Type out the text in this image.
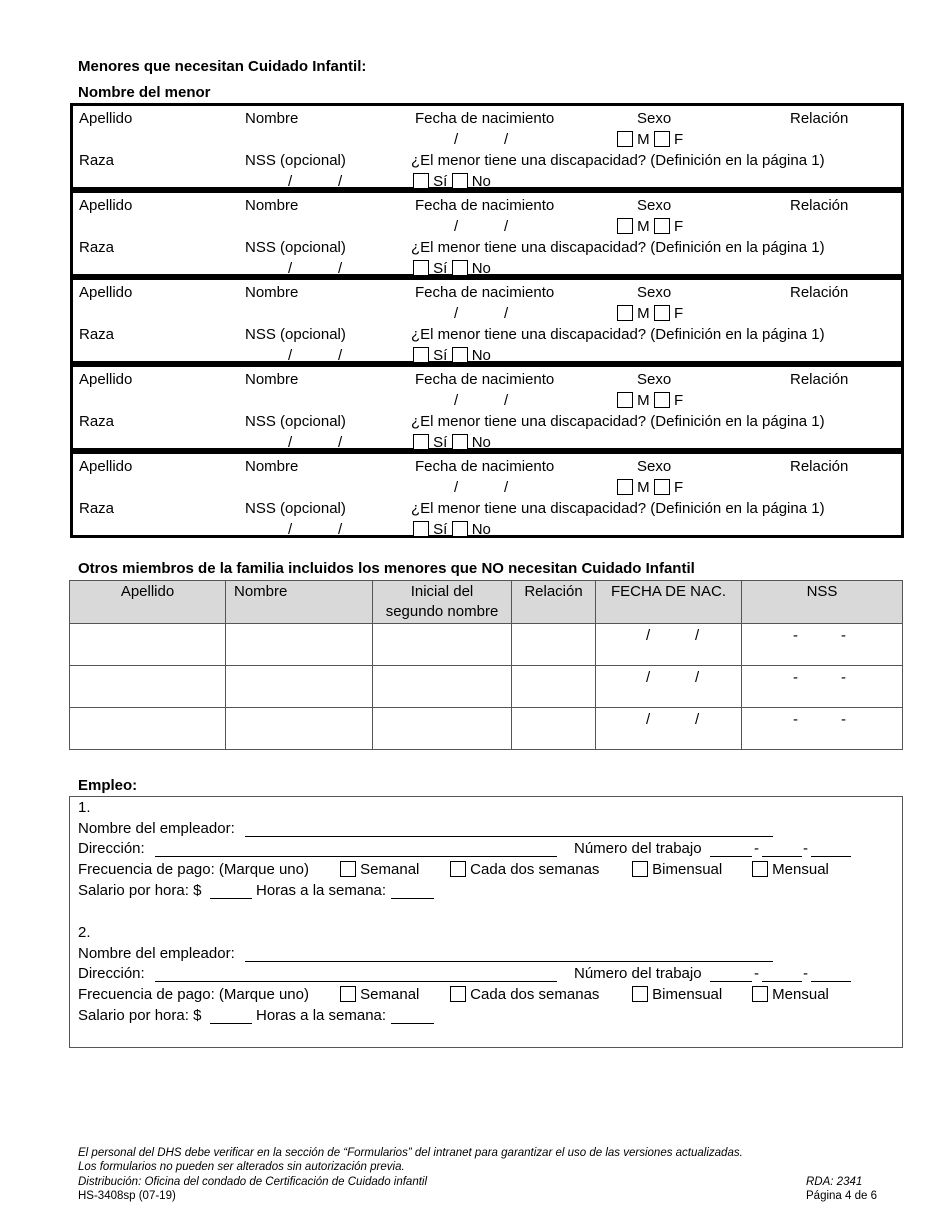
Menores que necesitan Cuidado Infantil:
Nombre del menor
Apellido	Nombre	Fecha de nacimiento	Sexo	Relación
/	/	M F
Raza	NSS (opcional)	¿El menor tiene una discapacidad? (Definición en la página 1)
/	/	Sí No
Apellido	Nombre	Fecha de nacimiento	Sexo	Relación
/	/	M F
Raza	NSS (opcional)	¿El menor tiene una discapacidad? (Definición en la página 1)
/	/	Sí No
Apellido	Nombre	Fecha de nacimiento	Sexo	Relación
/	/	M F
Raza	NSS (opcional)	¿El menor tiene una discapacidad? (Definición en la página 1)
/	/	Sí No
Apellido	Nombre	Fecha de nacimiento	Sexo	Relación
/	/	M F
Raza	NSS (opcional)	¿El menor tiene una discapacidad? (Definición en la página 1)
/	/	Sí No
Apellido	Nombre	Fecha de nacimiento	Sexo	Relación
/	/	M F
Raza	NSS (opcional)	¿El menor tiene una discapacidad? (Definición en la página 1)
/	/	Sí No
Otros miembros de la familia incluidos los menores que NO necesitan Cuidado Infantil
Apellido	Nombre	Inicial del
segundo nombre	Relación	FECHA DE NAC.	NSS

				/ /	- -

				/ /	- -

				/ /	- -
Empleo:
1.
Nombre del empleador:
Dirección:	Número del trabajo	-	-
Frecuencia de pago: (Marque uno)	Semanal	Cada dos semanas	Bimensual	Mensual
Salario por hora: $	Horas a la semana:
2.
Nombre del empleador:
Dirección:	Número del trabajo	-	-
Frecuencia de pago: (Marque uno)	Semanal	Cada dos semanas	Bimensual	Mensual
Salario por hora: $	Horas a la semana:
El personal del DHS debe verificar en la sección de “Formularios” del intranet para garantizar el uso de las versiones actualizadas.
Los formularios no pueden ser alterados sin autorización previa.
Distribución: Oficina del condado de Certificación de Cuidado infantil
HS-3408sp (07-19)
RDA: 2341
Página 4 de 6
